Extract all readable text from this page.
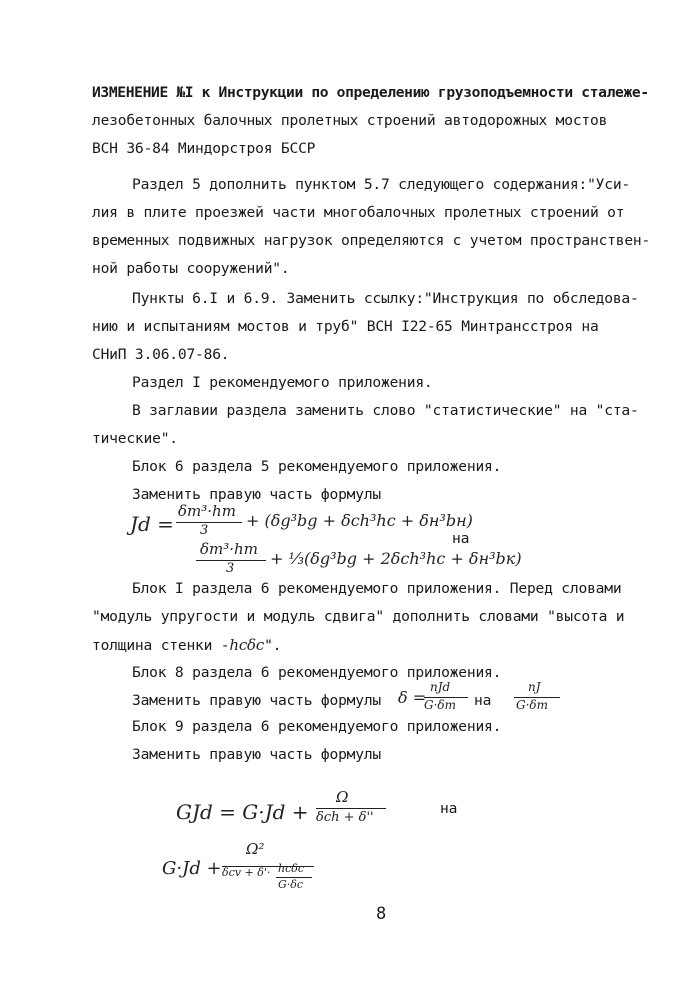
ИЗМЕНЕНИЕ №I к Инструкции по определению грузоподъемности сталеже-
лезобетонных балочных пролетных строений автодорожных мостов
ВСН 36-84 Миндорстроя БССР
Раздел 5 дополнить пунктом 5.7 следующего содержания:"Уси-
лия в плите проезжей части многобалочных пролетных строений от
временных подвижных нагрузок определяются с учетом пространствен-
ной работы сооружений".
Пункты 6.I и 6.9. Заменить ссылку:"Инструкция по обследова-
нию и испытаниям мостов и труб" ВСН I22-65 Минтрансстроя на
СНиП 3.06.07-86.
Раздел I рекомендуемого приложения.
В заглавии раздела заменить слово "статистические" на "ста-
тические".
Блок 6 раздела 5 рекомендуемого приложения.
Заменить правую часть формулы
Jd =
δm³·hm
3
+ (δg³bg + δch³hc + δн³bн)
на
δm³·hm
3
+ ⅓(δg³bg + 2δch³hc + δн³bк)
Блок I раздела 6 рекомендуемого приложения. Перед словами
"модуль упругости и модуль сдвига" дополнить словами "высота и
толщина стенки -hcδc".
Блок 8 раздела 6 рекомендуемого приложения.
Заменить правую часть формулы δ =
nJd
G·δm на
nJ
G·δm
Блок 9 раздела 6 рекомендуемого приложения.
Заменить правую часть формулы
GJd = G·Jd +
Ω
δch + δ''
на
G·Jd +
Ω²
δcv + δ'· hcδc
G·δc
8
